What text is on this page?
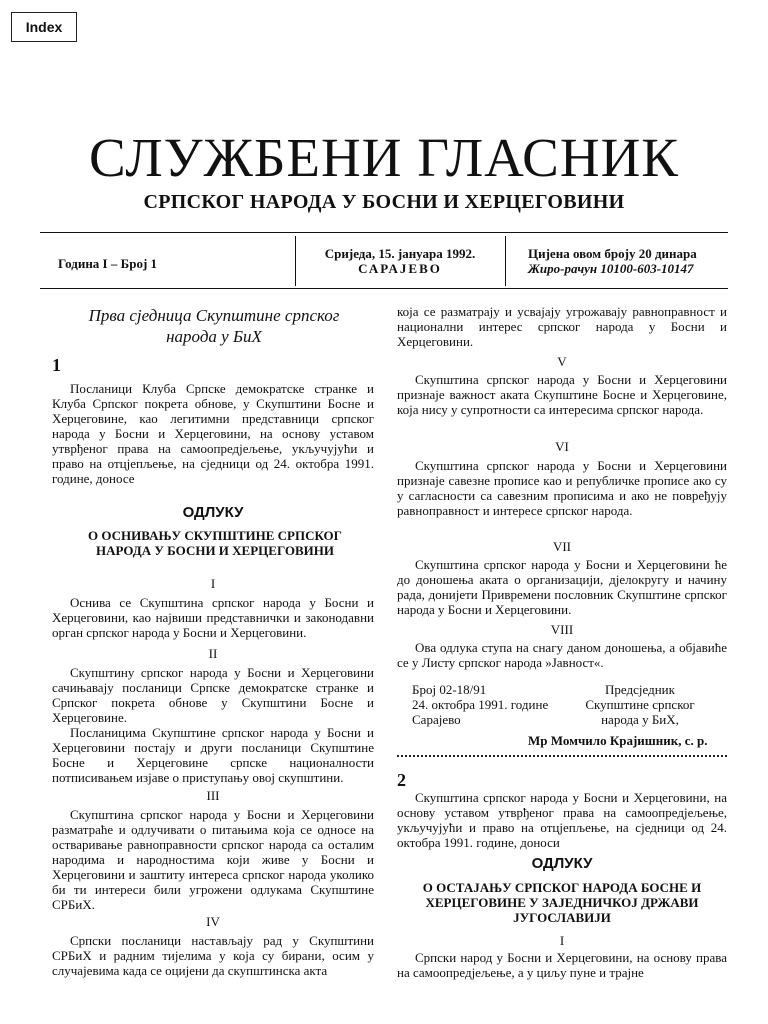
Index
СЛУЖБЕНИ ГЛАСНИК
СРПСКОГ НАРОДА У БОСНИ И ХЕРЦЕГОВИНИ
Година I – Број 1
Сриједа, 15. јануара 1992.
САРАЈЕВО
Цијена овом броју 20 динара
Жиро-рачун 10100-603-10147
Прва сједница Скупштине српског
народа у БиХ
1

Посланици Клуба Српске демократске странке и Клуба Српског покрета обнове, у Скупштини Босне и Херцеговине, као легитимни представници српског народа у Босни и Херцеговини, на основу уставом утврђеног права на самоопредјељење, укључујући и право на отцјепљење, на сједници од 24. октобра 1991. године, доносе

ОДЛУКУ
О ОСНИВАЊУ СКУПШТИНЕ СРПСКОГ НАРОДА У БОСНИ И ХЕРЦЕГОВИНИ
I

Оснива се Скупштина српског народа у Босни и Херцеговини, као највиши представнички и законодавни орган српског народа у Босни и Херцеговини.

II

Скупштину српског народа у Босни и Херцеговини сачињавају посланици Српске демократске странке и Српског покрета обнове у Скупштини Босне и Херцеговине.

Посланицима Скупштине српског народа у Босни и Херцеговини постају и други посланици Скупштине Босне и Херцеговине српске националности потписивањем изјаве о приступању овој скупштини.

III

Скупштина српског народа у Босни и Херцеговини разматраће и одлучивати о питањима која се односе на остваривање равноправности српског народа са осталим народима и народностима који живе у Босни и Херцеговини и заштиту интереса српског народа уколико би ти интереси били угрожени одлукама Скупштине СРБиХ.

IV

Српски посланици настављају рад у Скупштини СРБиХ и радним тијелима у која су бирани, осим у случајевима када се оцијени да скупштинска акта

која се разматрају и усвајају угрожавају равноправност и национални интерес српског народа у Босни и Херцеговини.
V

Скупштина српског народа у Босни и Херцеговини признаје важност аката Скупштине Босне и Херцеговине, која нису у супротности са интересима српског народа.

VI

Скупштина српског народа у Босни и Херцеговини признаје савезне прописе као и републичке прописе ако су у сагласности са савезним прописима и ако не повређују равноправност и интересе српског народа.

VII

Скупштина српског народа у Босни и Херцеговини ће до доношења аката о организацији, дјелокругу и начину рада, донијети Привремени пословник Скупштине српског народа у Босни и Херцеговини.

VIII

Ова одлука ступа на снагу даном доношења, а објавиће се у Листу српског народа »Јавност«.

Број 02-18/91
24. октобра 1991. године
Сарајево
Предсједник
Скупштине српског
народа у БиХ,
Мр Момчило Крајишник, с. р.
2

Скупштина српског народа у Босни и Херцеговини, на основу уставом утврђеног права на самоопредјељење, укључујући и право на отцјепљење, на сједници од 24. октобра 1991. године, доноси

ОДЛУКУ
О ОСТАЈАЊУ СРПСКОГ НАРОДА БОСНЕ И ХЕРЦЕГОВИНЕ У ЗАЈЕДНИЧКОЈ ДРЖАВИ ЈУГОСЛАВИЈИ
I

Српски народ у Босни и Херцеговини, на основу права на самоопредјељење, а у циљу пуне и трајне
